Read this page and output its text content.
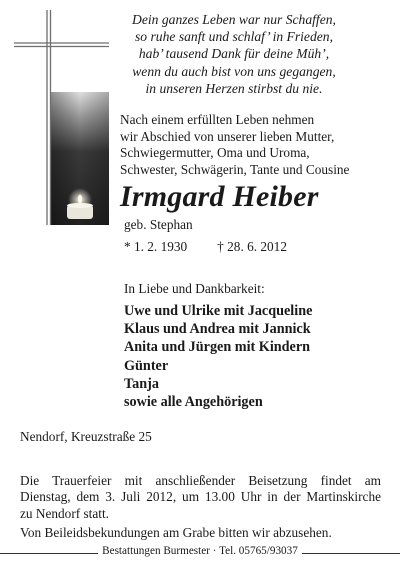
Dein ganzes Leben war nur Schaffen,
so ruhe sanft und schlaf’ in Frieden,
hab’ tausend Dank für deine Müh’,
wenn du auch bist von uns gegangen,
in unseren Herzen stirbst du nie.
Nach einem erfüllten Leben nehmen
wir Abschied von unserer lieben Mutter,
Schwiegermutter, Oma und Uroma,
Schwester, Schwägerin, Tante und Cousine
Irmgard Heiber
geb. Stephan
* 1. 2. 1930 † 28. 6. 2012
In Liebe und Dankbarkeit:
Uwe und Ulrike mit Jacqueline
Klaus und Andrea mit Jannick
Anita und Jürgen mit Kindern
Günter
Tanja
sowie alle Angehörigen
Nendorf, Kreuzstraße 25
Die Trauerfeier mit anschließender Beisetzung findet am
Dienstag, dem 3. Juli 2012, um 13.00 Uhr in der Martinskirche
zu Nendorf statt.
Von Beileidsbekundungen am Grabe bitten wir abzusehen.
Bestattungen Burmester · Tel. 05765/93037
